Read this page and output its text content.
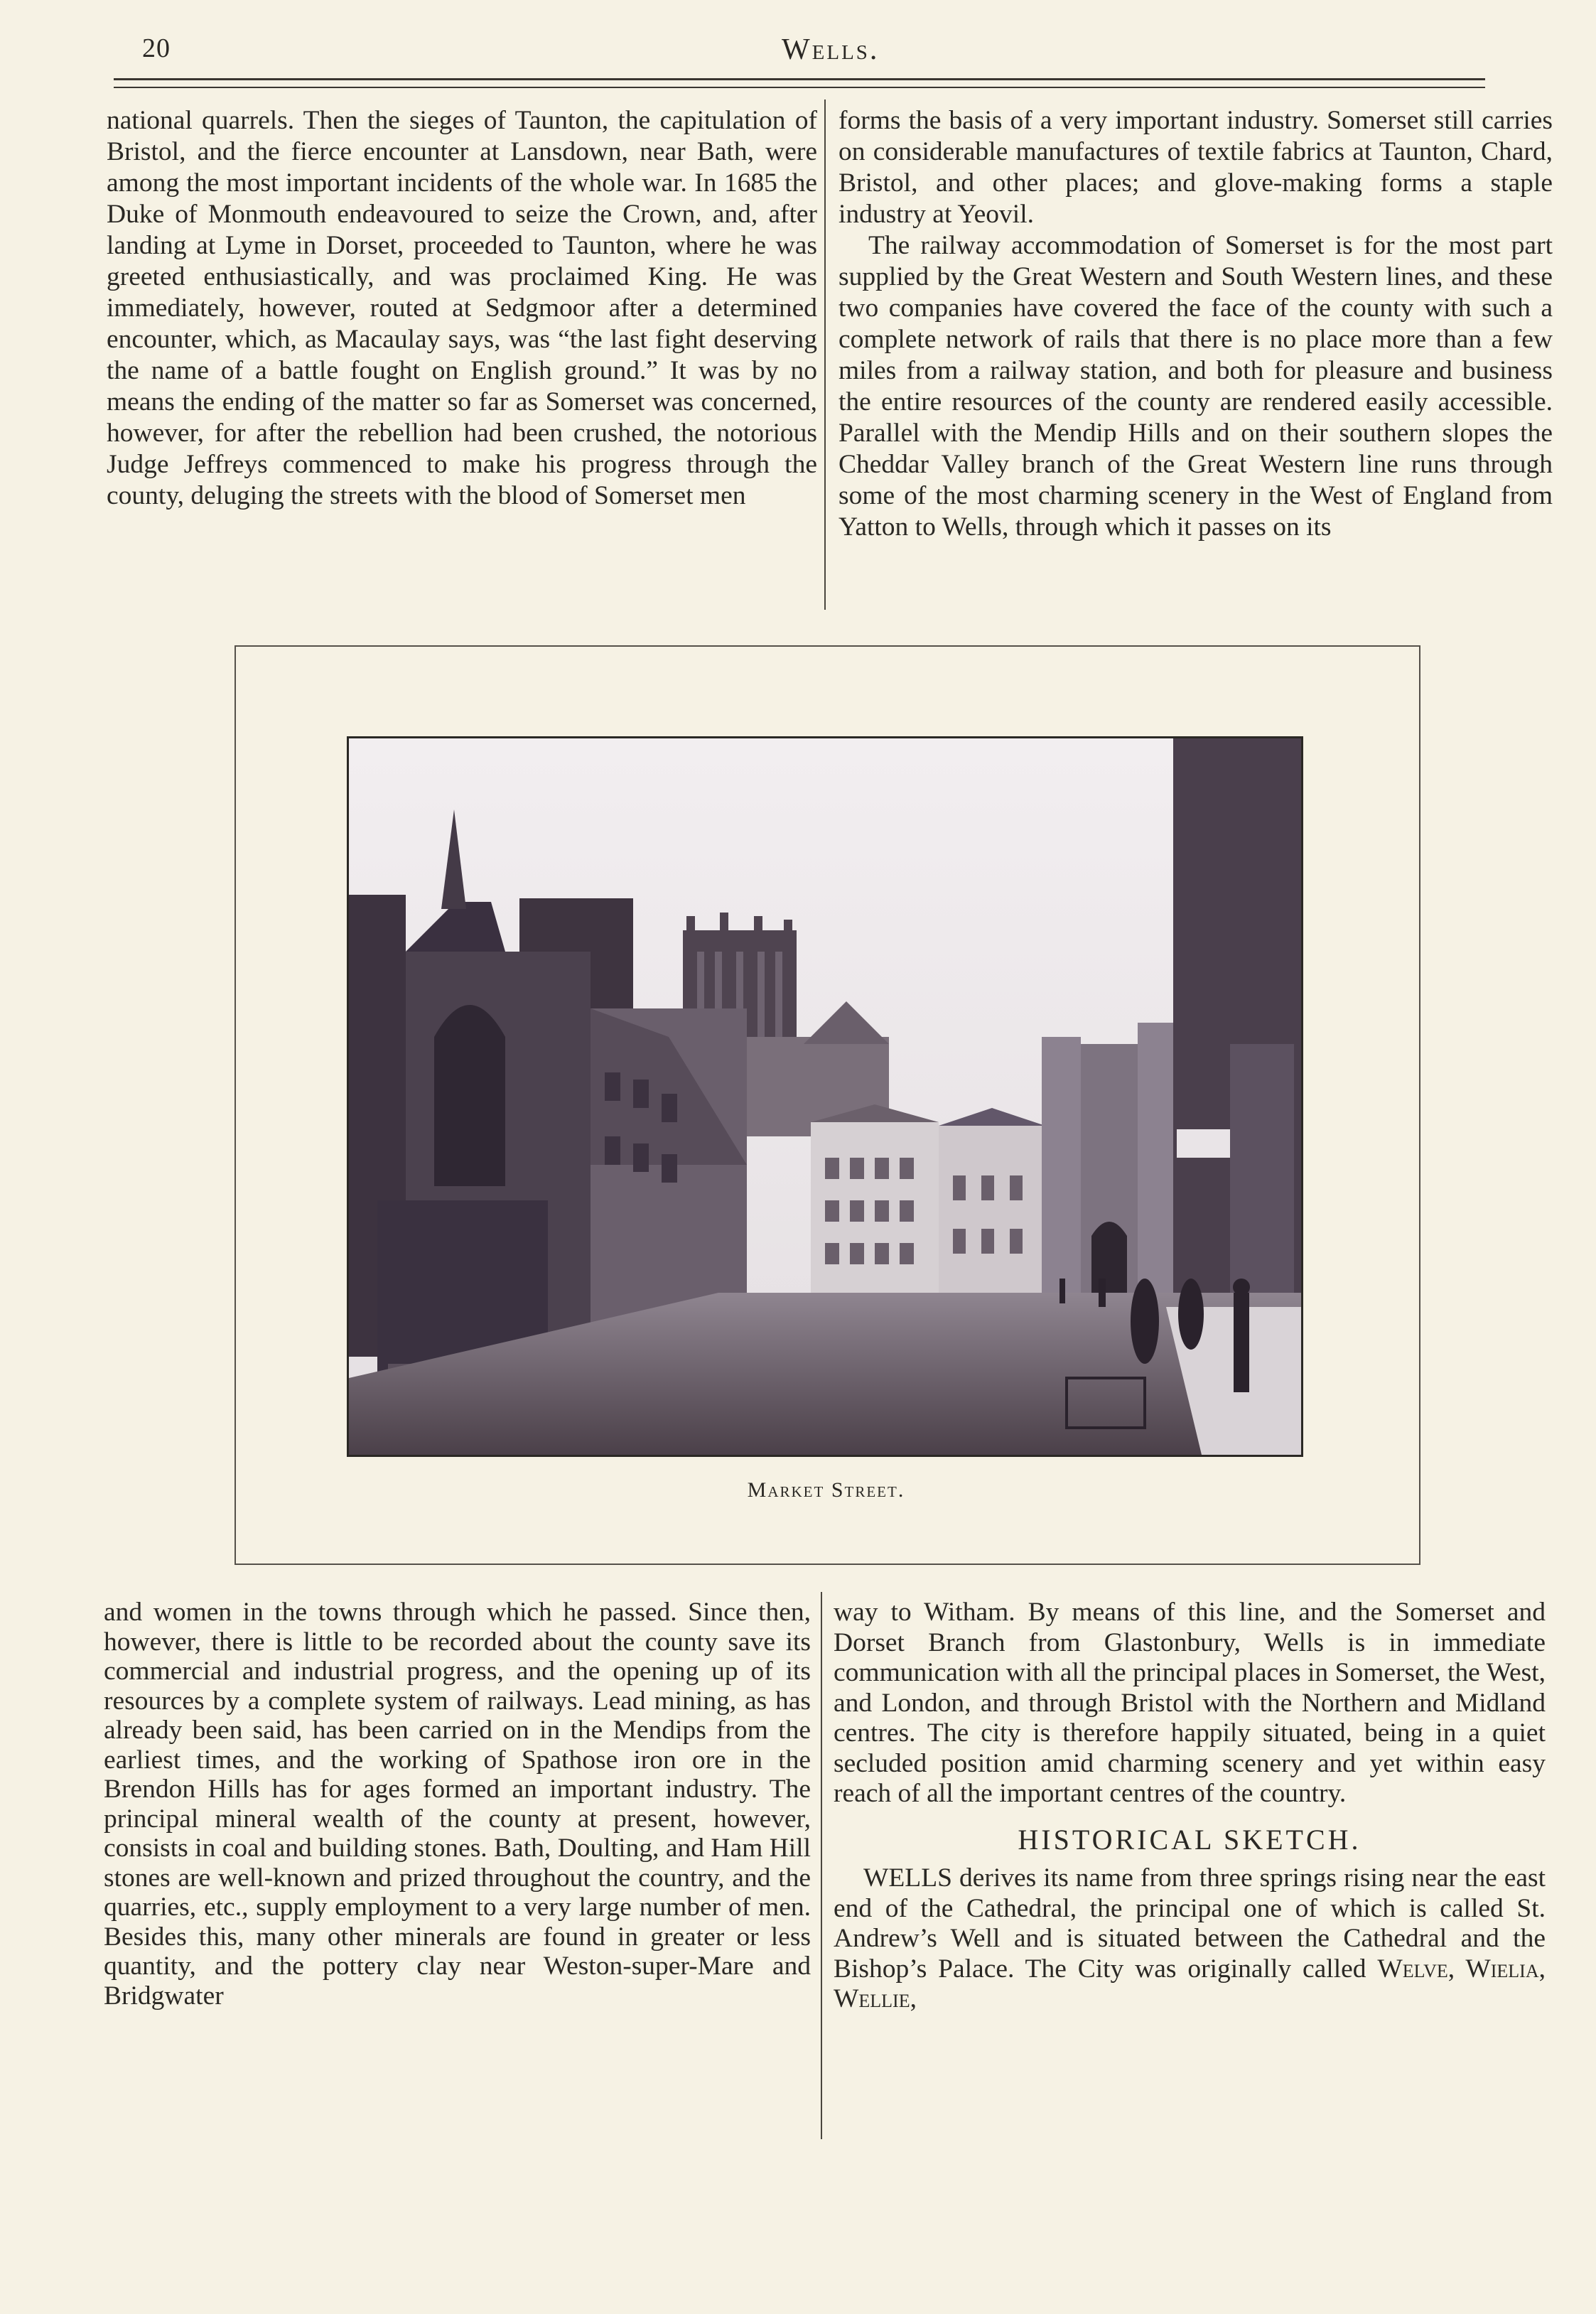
20	Wells.

national quarrels. Then the sieges of Taunton, the capitulation of Bristol, and the fierce encounter at Lansdown, near Bath, were among the most important incidents of the whole war. In 1685 the Duke of Monmouth endeavoured to seize the Crown, and, after landing at Lyme in Dorset, proceeded to Taunton, where he was greeted enthusiastically, and was proclaimed King. He was immediately, however, routed at Sedgmoor after a determined encounter, which, as Macaulay says, was “the last fight deserving the name of a battle fought on English ground.” It was by no means the ending of the matter so far as Somerset was concerned, however, for after the rebellion had been crushed, the notorious Judge Jeffreys commenced to make his progress through the county, deluging the streets with the blood of Somerset men

forms the basis of a very important industry. Somerset still carries on considerable manufactures of textile fabrics at Taunton, Chard, Bristol, and other places; and glove-making forms a staple industry at Yeovil.

The railway accommodation of Somerset is for the most part supplied by the Great Western and South Western lines, and these two companies have covered the face of the county with such a complete network of rails that there is no place more than a few miles from a railway station, and both for pleasure and business the entire resources of the county are rendered easily accessible. Parallel with the Mendip Hills and on their southern slopes the Cheddar Valley branch of the Great Western line runs through some of the most charming scenery in the West of England from Yatton to Wells, through which it passes on its

Market Street.

and women in the towns through which he passed. Since then, however, there is little to be recorded about the county save its commercial and industrial progress, and the opening up of its resources by a complete system of railways. Lead mining, as has already been said, has been carried on in the Mendips from the earliest times, and the working of Spathose iron ore in the Brendon Hills has for ages formed an important industry. The principal mineral wealth of the county at present, however, consists in coal and building stones. Bath, Doulting, and Ham Hill stones are well-known and prized throughout the country, and the quarries, etc., supply employment to a very large number of men. Besides this, many other minerals are found in greater or less quantity, and the pottery clay near Weston-super-Mare and Bridgwater

way to Witham. By means of this line, and the Somerset and Dorset Branch from Glastonbury, Wells is in immediate communication with all the principal places in Somerset, the West, and London, and through Bristol with the Northern and Midland centres. The city is therefore happily situated, being in a quiet secluded position amid charming scenery and yet within easy reach of all the important centres of the country.

HISTORICAL SKETCH.

WELLS derives its name from three springs rising near the east end of the Cathedral, the principal one of which is called St. Andrew’s Well and is situated between the Cathedral and the Bishop’s Palace. The City was originally called Welve, Wielia, Wellie,
